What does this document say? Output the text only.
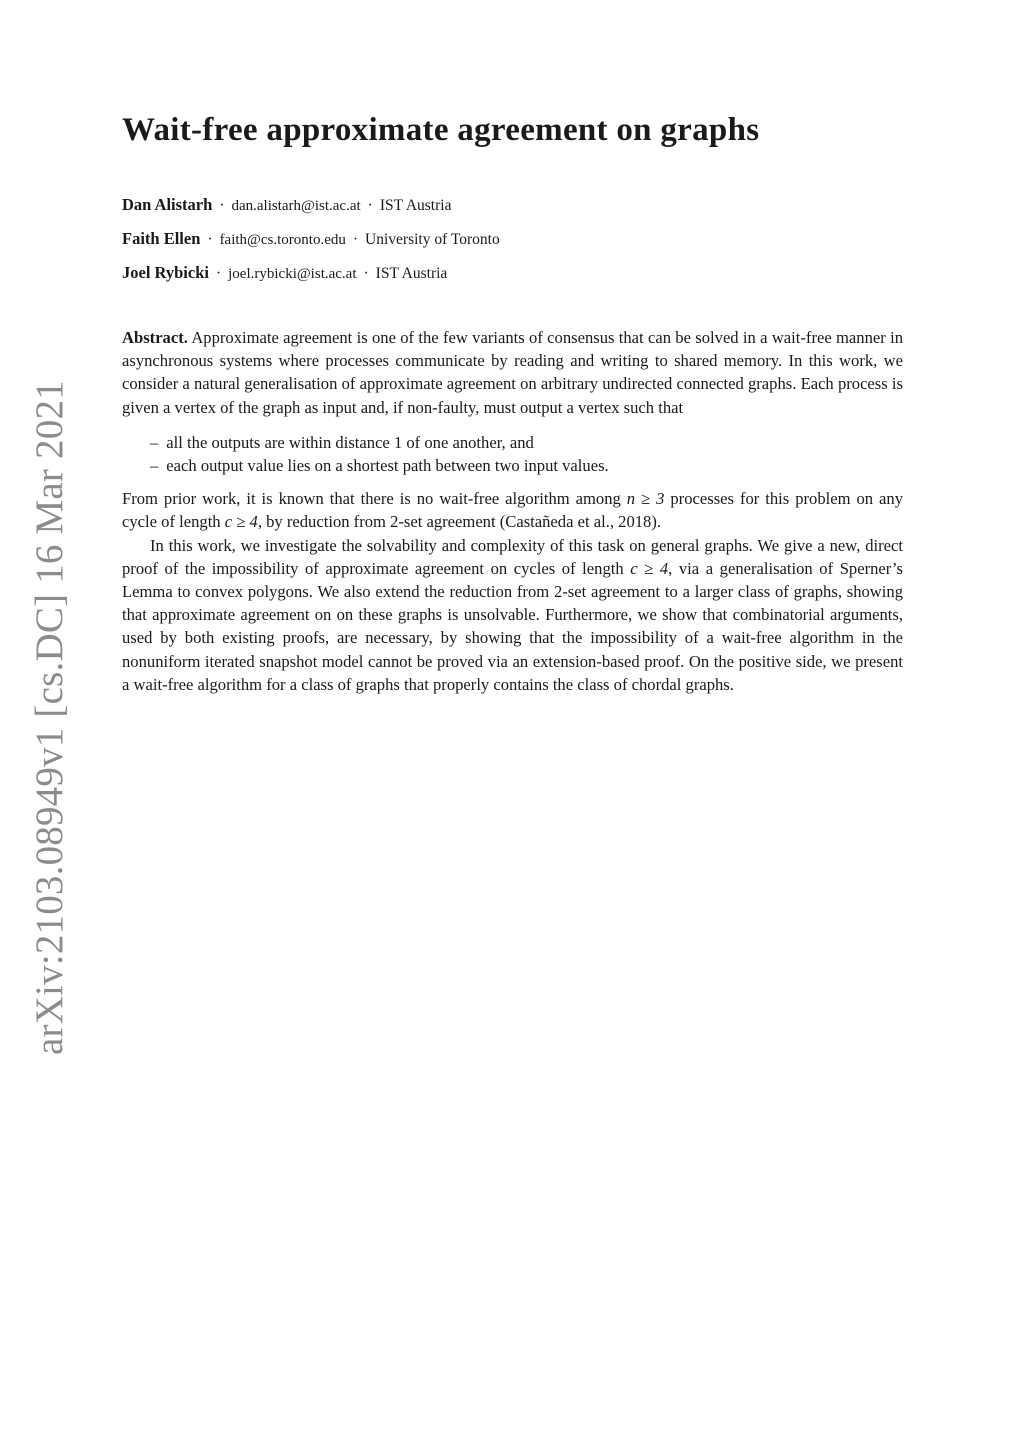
arXiv:2103.08949v1 [cs.DC] 16 Mar 2021
Wait-free approximate agreement on graphs
Dan Alistarh · dan.alistarh@ist.ac.at · IST Austria
Faith Ellen · faith@cs.toronto.edu · University of Toronto
Joel Rybicki · joel.rybicki@ist.ac.at · IST Austria

Abstract. Approximate agreement is one of the few variants of consensus that can be solved in a wait-free manner in asynchronous systems where processes communicate by reading and writing to shared memory. In this work, we consider a natural generalisation of approximate agreement on arbitrary undirected connected graphs. Each process is given a vertex of the graph as input and, if non-faulty, must output a vertex such that

– all the outputs are within distance 1 of one another, and
– each output value lies on a shortest path between two input values.

From prior work, it is known that there is no wait-free algorithm among n ≥ 3 processes for this problem on any cycle of length c ≥ 4, by reduction from 2-set agreement (Castañeda et al., 2018).

In this work, we investigate the solvability and complexity of this task on general graphs. We give a new, direct proof of the impossibility of approximate agreement on cycles of length c ≥ 4, via a generalisation of Sperner’s Lemma to convex polygons. We also extend the reduction from 2-set agreement to a larger class of graphs, showing that approximate agreement on on these graphs is unsolvable. Furthermore, we show that combinatorial arguments, used by both existing proofs, are necessary, by showing that the impossibility of a wait-free algorithm in the nonuniform iterated snapshot model cannot be proved via an extension-based proof. On the positive side, we present a wait-free algorithm for a class of graphs that properly contains the class of chordal graphs.
